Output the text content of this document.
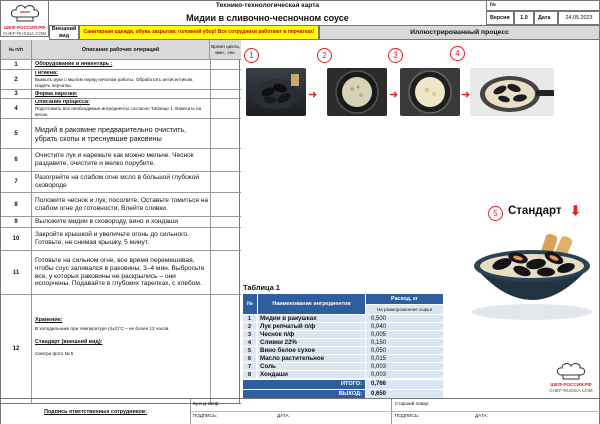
ШЕФ-РОССИЯ.РФ
CHEF-RUSSIA.COM
Технико-технологическая карта
Мидии в сливочно-чесночном соусе
№
Версия	1.0	Дата	24.05.2023
Внешний вид
Санитарная одежда, обувь закрытая, головной убор! Все сотрудники работают в перчатках!	Иллюстрированный процесс
№ П/П	Описание рабочих операций	Время цикла, мин., сек.
1	Оборудование и инвентарь :
2
Гигиена:
Вымыть руки с мылом перед началом работы. Обработать антисептиком. Надеть перчатки.
3	Форма нарезки:
4
Описание процесса:
Подготовить все необходимые ингредиенты согласно Таблице 1. Взвесить на весах.
5	Мидий в раковине предварительно очистить, убрать скопы и треснувшие раковины
6
Очистите лук и нарежьте как можно мельче. Чеснок раздавите, очистите и мелко порубите.
7
Разогрейте на слабом огне мсло в большой глубокой сковороде
8
Положите чеснок и лук, посолите. Оставьте томиться на слабом огне до готовности, Влейте сливки.
9	Выложите мидии в сковороду, вино и хондаши
10
Закройте крышкой и увеличьте огонь до сильного. Готовьте, не снимая крышку, 5 минут.
11
Готовьте на сильном огне, все время перемешивая, чтобы соус заливался в раковины, 3–4 мин. Выбросьте все, у которых раковины не раскрылись – они испорчены. Подавайте в глубоких тарелках, с хлебом.
12
Хранение:
В холодильнике при температуре (4±2)°С – не более 12 часов.
Стандарт (внешний вид):
Смотри фото № 5
➜	➜	➜
1	2	3	4
5 Стандарт ⬇
ШЕФ-РОССИЯ.РФ
CHEF-RUSSIA.COM
Таблица 1
№	Наименование ингредиентов
Расход, кг
На размороженное сырье
1	Мидии в ракушках	0,500
2	Лук репчатый п/ф	0,040
3	Чеснок п/ф	0,005
4	Сливки 22%	0,150
5	Вино белое сухое	0,050
6	Масло растительное	0,015
7	Соль	0,003
8	Хондаши	0,003
ИТОГО:	0,766
ВЫХОД:	0,650
Подпись ответственных сотрудников:
Бренд-Шеф:
ПОДПИСЬ:	ДАТА:
Старший повар:
ПОДПИСЬ:	ДАТА:
